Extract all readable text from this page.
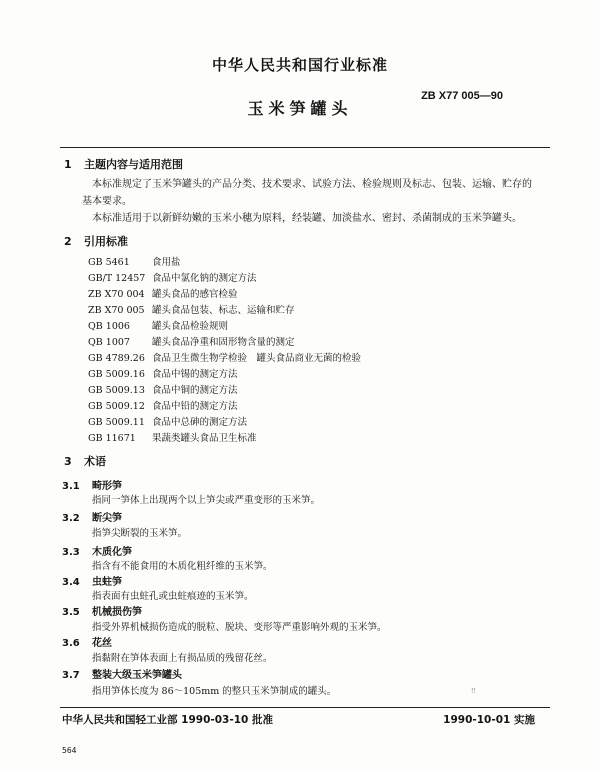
中华人民共和国行业标准
ZB X77 005—90
玉米笋罐头
1 主题内容与适用范围
本标准规定了玉米笋罐头的产品分类、技术要求、试验方法、检验规则及标志、包装、运输、贮存的基本要求。
本标准适用于以新鲜幼嫩的玉米小穗为原料，经装罐、加淡盐水、密封、杀菌制成的玉米笋罐头。
2 引用标准
GB 5461 食用盐
GB/T 12457 食品中氯化钠的测定方法
ZB X70 004 罐头食品的感官检验
ZB X70 005 罐头食品包装、标志、运输和贮存
QB 1006 罐头食品检验规则
QB 1007 罐头食品净重和固形物含量的测定
GB 4789.26 食品卫生微生物学检验　罐头食品商业无菌的检验
GB 5009.16 食品中锡的测定方法
GB 5009.13 食品中铜的测定方法
GB 5009.12 食品中铅的测定方法
GB 5009.11 食品中总砷的测定方法
GB 11671 果蔬类罐头食品卫生标准
3 术语
3.1 畸形笋
指同一笋体上出现两个以上笋尖或严重变形的玉米笋。
3.2 断尖笋
指笋尖断裂的玉米笋。
3.3 木质化笋
指含有不能食用的木质化粗纤维的玉米笋。
3.4 虫蛀笋
指表面有虫蛀孔或虫蛀痕迹的玉米笋。
3.5 机械损伤笋
指受外界机械损伤造成的脱粒、脱块、变形等严重影响外观的玉米笋。
3.6 花丝
指黏附在笋体表面上有损品质的残留花丝。
3.7 整装大级玉米笋罐头
指用笋体长度为 86～105mm 的整只玉米笋制成的罐头。	!!
中华人民共和国轻工业部 1990-03-10 批准	1990-10-01 实施
564
